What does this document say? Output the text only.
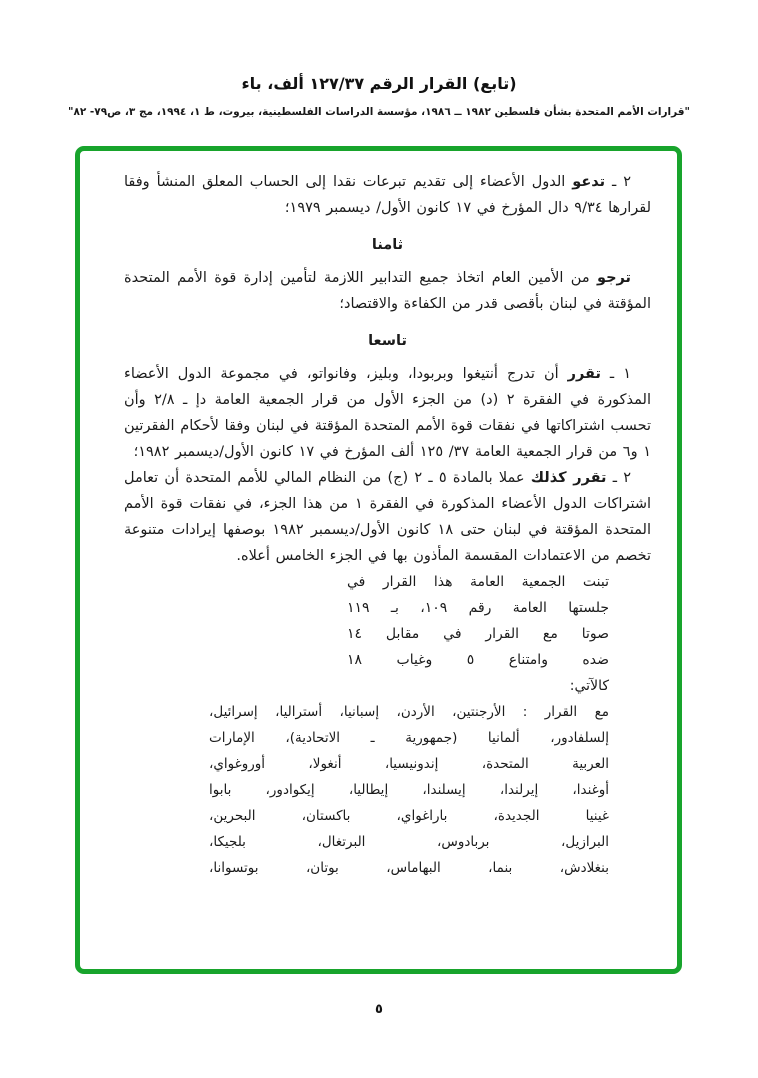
(تابع) القرار الرقم ١٢٧/٣٧ ألف، باء
"قرارات الأمم المتحدة بشأن فلسطين ١٩٨٢ ــ ١٩٨٦، مؤسسة الدراسات الفلسطينية، بيروت، ط ١، ١٩٩٤، مج ٣، ص٧٩- ٨٢"

٢ ـ تدعو الدول الأعضاء إلى تقديم تبرعات نقدا إلى الحساب المعلق المنشأ وفقا لقرارها ٩/٣٤ دال المؤرخ في ١٧ كانون الأول/ ديسمبر ١٩٧٩؛

ثامنا

ترجو من الأمين العام اتخاذ جميع التدابير اللازمة لتأمين إدارة قوة الأمم المتحدة المؤقتة في لبنان بأقصى قدر من الكفاءة والاقتصاد؛

تاسعا

١ ـ تقرر أن تدرج أنتيغوا وبربودا، وبليز، وفانواتو، في مجموعة الدول الأعضاء المذكورة في الفقرة ٢ (د) من الجزء الأول من قرار الجمعية العامة دإ ـ ٢/٨ وأن تحسب اشتراكاتها في نفقات قوة الأمم المتحدة المؤقتة في لبنان وفقا لأحكام الفقرتين ١ و٦ من قرار الجمعية العامة ٣٧/ ١٢٥ ألف المؤرخ في ١٧ كانون الأول/ديسمبر ١٩٨٢؛

٢ ـ تقرر كذلك عملا بالمادة ٥ ـ ٢ (ج) من النظام المالي للأمم المتحدة أن تعامل اشتراكات الدول الأعضاء المذكورة في الفقرة ١ من هذا الجزء، في نفقات قوة الأمم المتحدة المؤقتة في لبنان حتى ١٨ كانون الأول/ديسمبر ١٩٨٢ بوصفها إيرادات متنوعة تخصم من الاعتمادات المقسمة المأذون بها في الجزء الخامس أعلاه.

تبنت الجمعية العامة هذا القرار في
جلستها العامة رقم ١٠٩، بـ ١١٩
صوتا مع القرار في مقابل ١٤
ضده وامتناع ٥ وغياب ١٨
كالآتي:
مع القرار : الأرجنتين، الأردن، إسبانيا، أستراليا، إسرائيل،
إلسلفادور، ألمانيا (جمهورية ـ الاتحادية)، الإمارات
العربية المتحدة، إندونيسيا، أنغولا، أوروغواي،
أوغندا، إيرلندا، إيسلندا، إيطاليا، إيكوادور، بابوا
غينيا الجديدة، باراغواي، باكستان، البحرين،
البرازيل، بربادوس، البرتغال، بلجيكا،
بنغلادش، بنما، البهاماس، بوتان، بوتسوانا،
٥
